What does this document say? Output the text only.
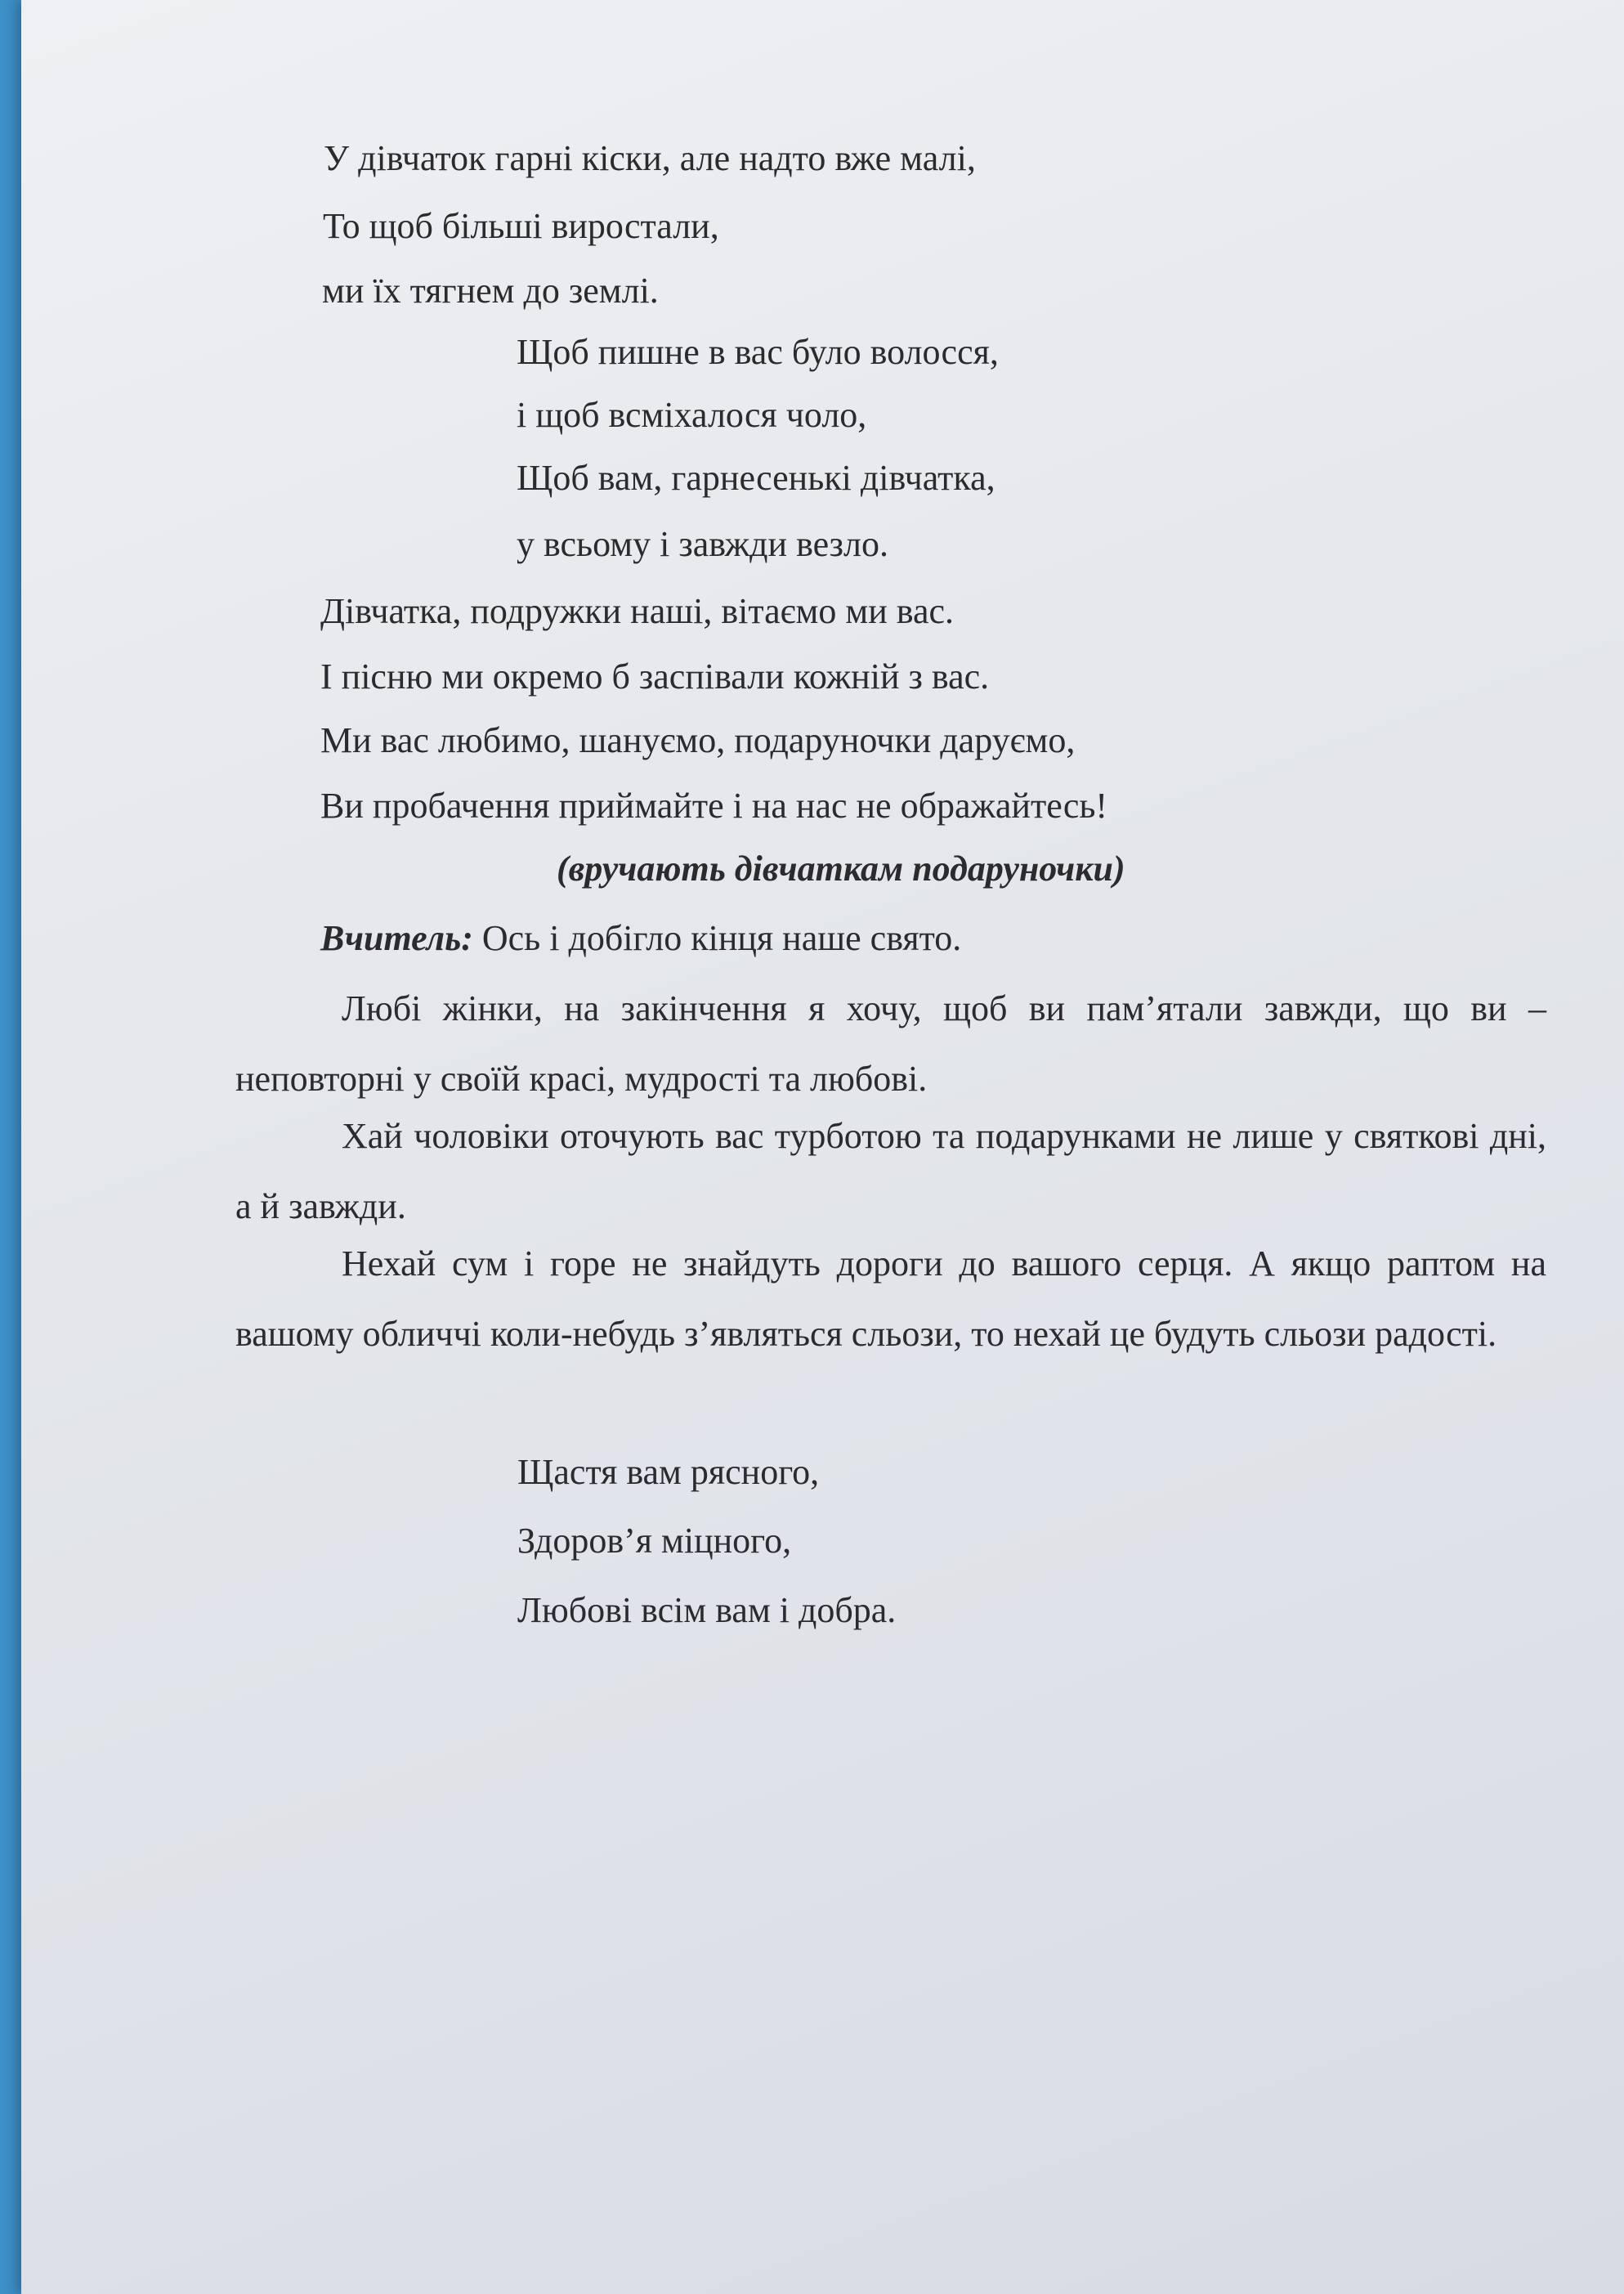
У дівчаток гарні кіски, але надто вже малі,
То щоб більші виростали,
ми їх тягнем до землі.
Щоб пишне в вас було волосся,
і щоб всміхалося чоло,
Щоб вам, гарнесенькі дівчатка,
у всьому і завжди везло.
Дівчатка, подружки наші, вітаємо ми вас.
І пісню ми окремо б заспівали кожній з вас.
Ми вас любимо, шануємо, подаруночки даруємо,
Ви пробачення приймайте і на нас не ображайтесь!
(вручають дівчаткам подаруночки)
Вчитель: Ось і добігло кінця наше свято.

Любі жінки, на закінчення я хочу, щоб ви пам’ятали завжди, що ви – неповторні у своїй красі, мудрості та любові.

Хай чоловіки оточують вас турботою та подарунками не лише у святкові дні, а й завжди.

Нехай сум і горе не знайдуть дороги до вашого серця. А якщо раптом на вашому обличчі коли-небудь з’являться сльози, то нехай це будуть сльози радості.

Щастя вам рясного,
Здоров’я міцного,
Любові всім вам і добра.
